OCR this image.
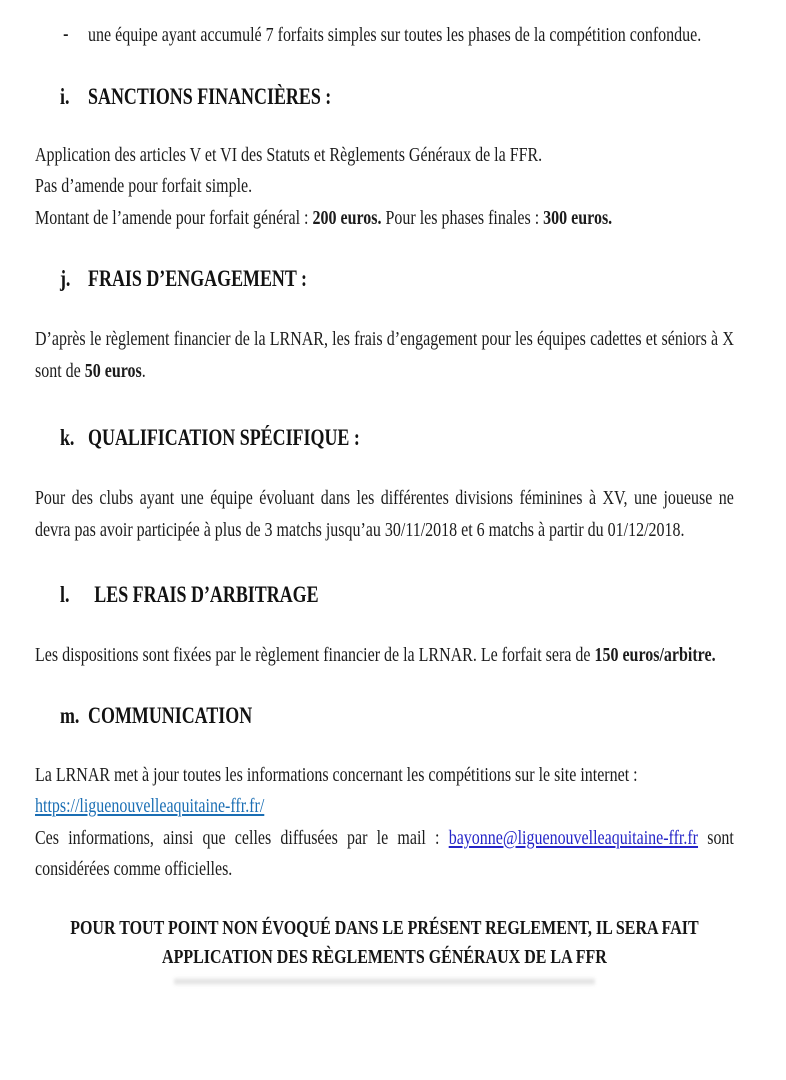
- une équipe ayant accumulé 7 forfaits simples sur toutes les phases de la compétition confondue.

i. SANCTIONS FINANCIÈRES :

Application des articles V et VI des Statuts et Règlements Généraux de la FFR.

Pas d’amende pour forfait simple.

Montant de l’amende pour forfait général : 200 euros. Pour les phases finales : 300 euros.

j. FRAIS D’ENGAGEMENT :

D’après le règlement financier de la LRNAR, les frais d’engagement pour les équipes cadettes et séniors à X sont de 50 euros.

k. QUALIFICATION SPÉCIFIQUE :

Pour des clubs ayant une équipe évoluant dans les différentes divisions féminines à XV, une joueuse ne devra pas avoir participée à plus de 3 matchs jusqu’au 30/11/2018 et 6 matchs à partir du 01/12/2018.

l.	LES FRAIS D’ARBITRAGE

Les dispositions sont fixées par le règlement financier de la LRNAR. Le forfait sera de 150 euros/arbitre.

m. COMMUNICATION

La LRNAR met à jour toutes les informations concernant les compétitions sur le site internet :

https://liguenouvelleaquitaine-ffr.fr/

Ces informations, ainsi que celles diffusées par le mail : bayonne@liguenouvelleaquitaine-ffr.fr sont considérées comme officielles.

POUR TOUT POINT NON ÉVOQUÉ DANS LE PRÉSENT REGLEMENT, IL SERA FAIT

APPLICATION DES RÈGLEMENTS GÉNÉRAUX DE LA FFR
